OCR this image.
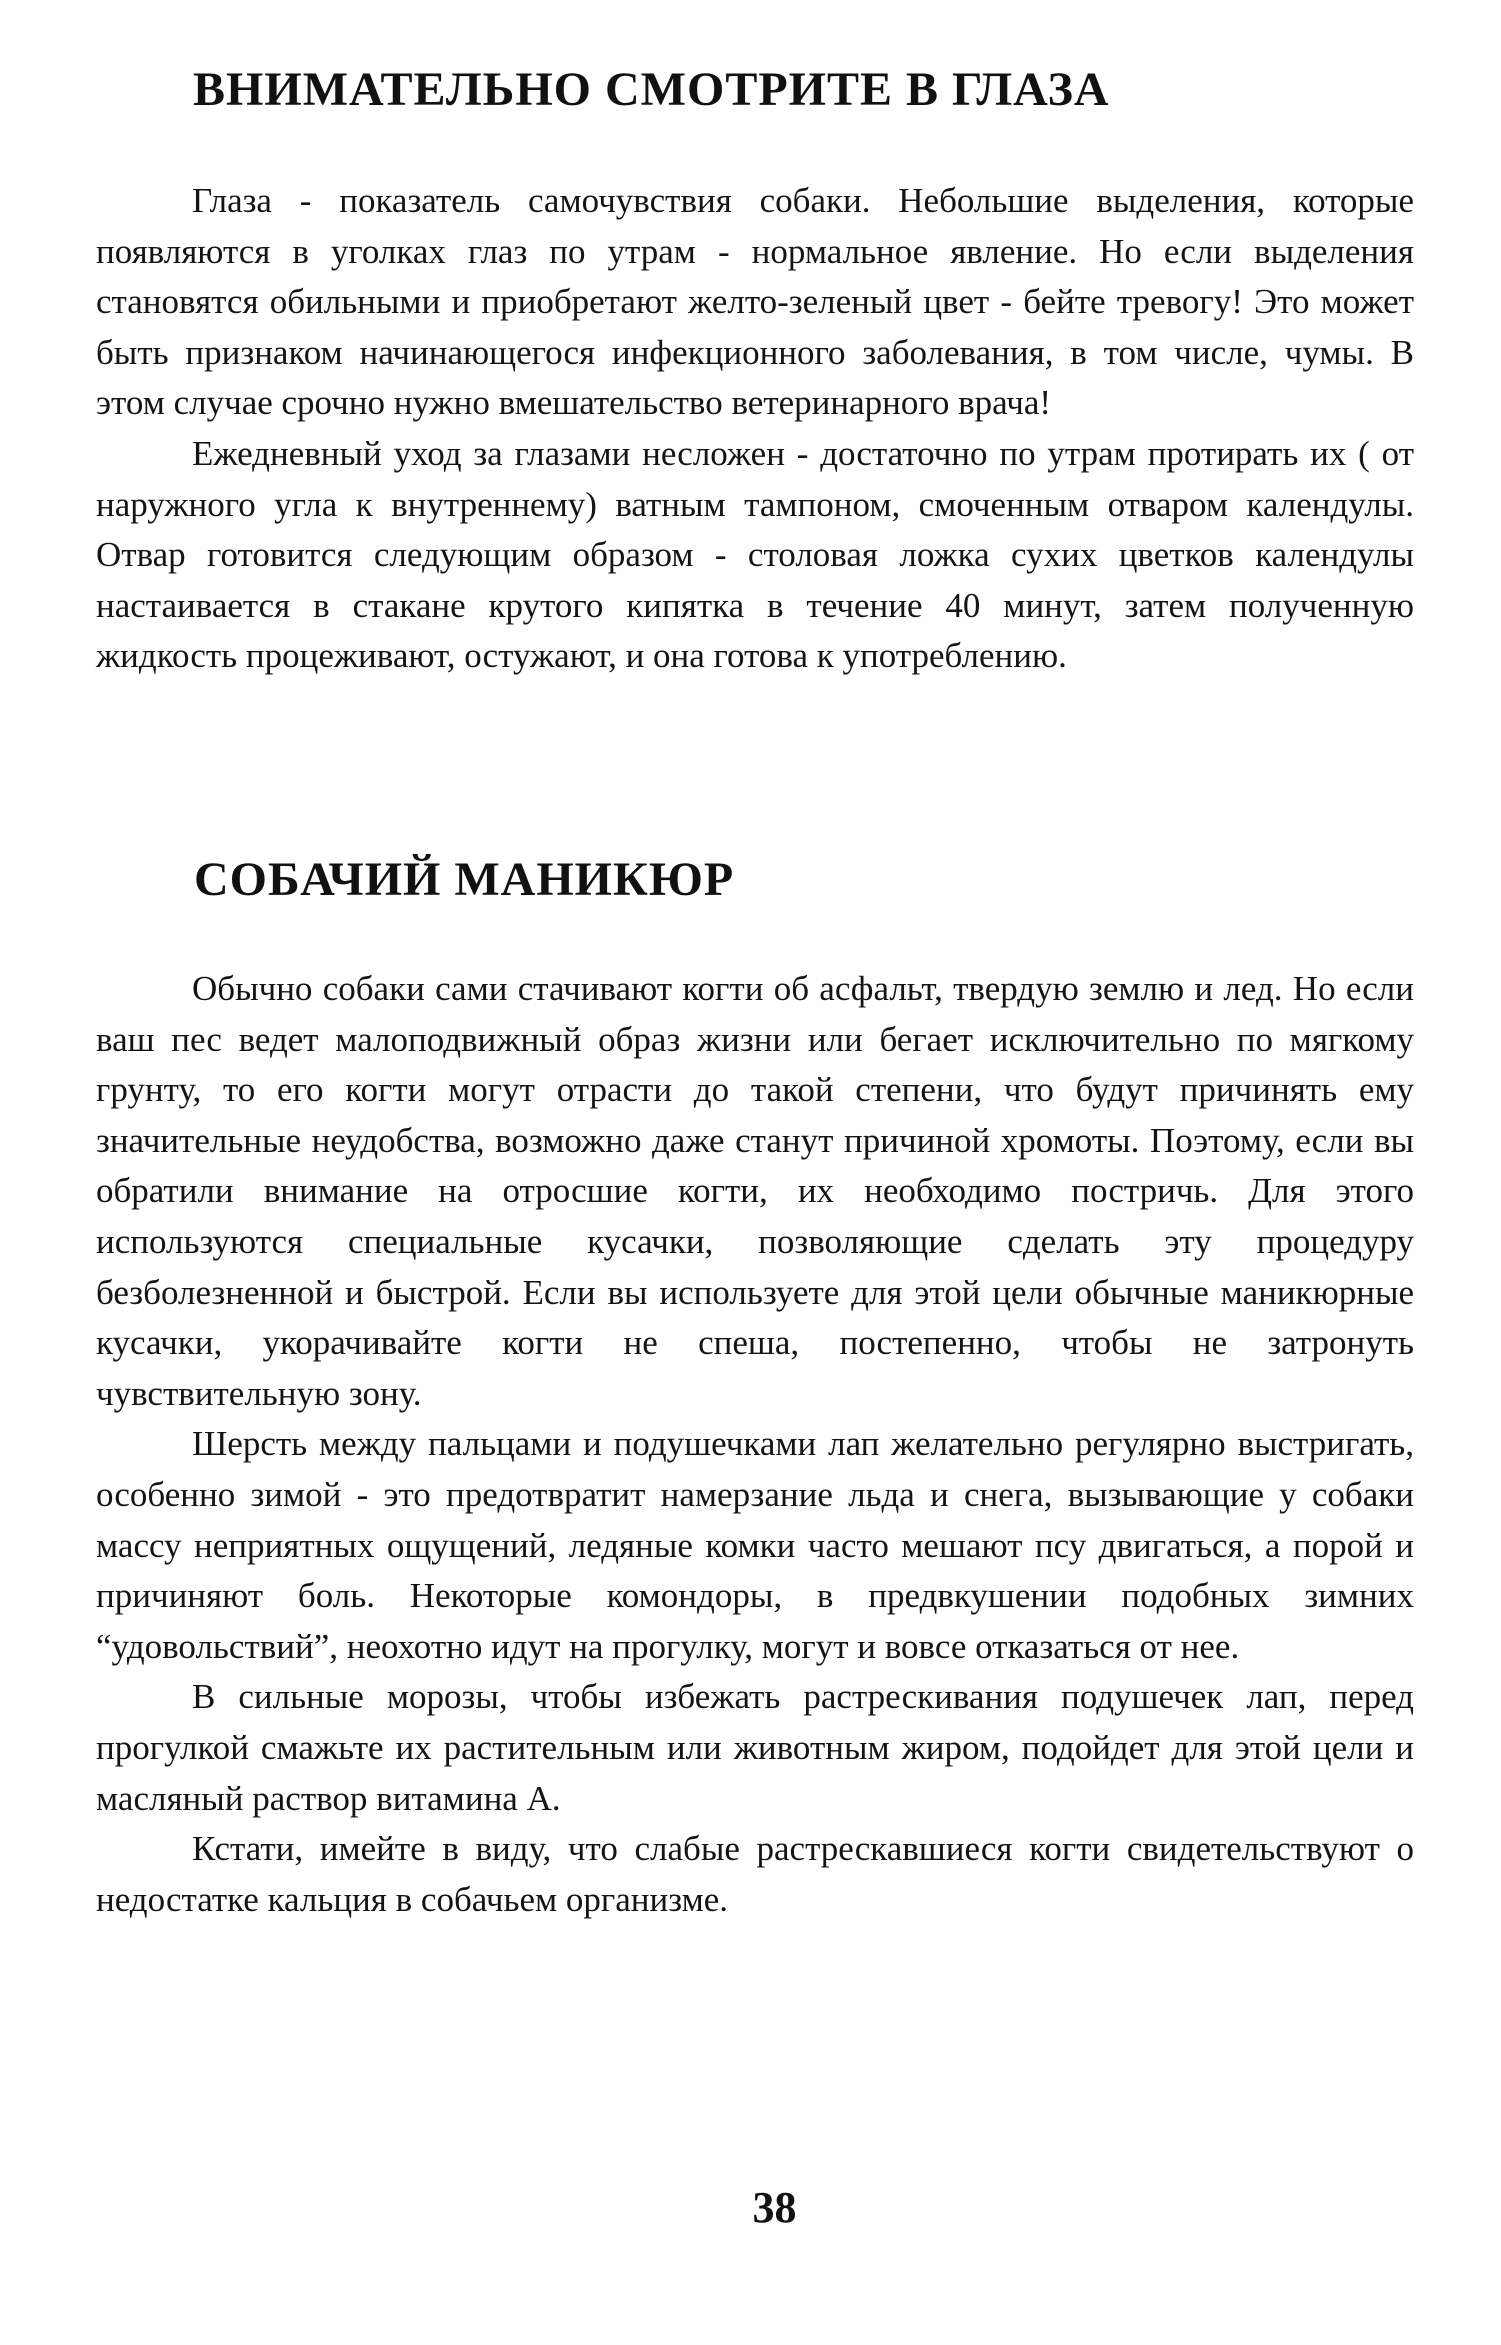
ВНИМАТЕЛЬНО СМОТРИТЕ В ГЛАЗА

Глаза - показатель самочувствия собаки. Небольшие выделения, которые появляются в уголках глаз по утрам - нормальное явление. Но если выделения становятся обильными и приобретают желто-зеленый цвет - бейте тревогу! Это может быть признаком начинающегося инфекционного заболевания, в том числе, чумы. В этом случае срочно нужно вмешательство ветеринарного врача!

Ежедневный уход за глазами несложен - достаточно по утрам протирать их ( от наружного угла к внутреннему) ватным тампоном, смоченным отваром календулы. Отвар готовится следующим образом - столовая ложка сухих цветков календулы настаивается в стакане крутого кипятка в течение 40 минут, затем полученную жидкость процеживают, остужают, и она готова к употреблению.

СОБАЧИЙ МАНИКЮР

Обычно собаки сами стачивают когти об асфальт, твердую землю и лед. Но если ваш пес ведет малоподвижный образ жизни или бегает исключительно по мягкому грунту, то его когти могут отрасти до такой степени, что будут причинять ему значительные неудобства, возможно даже станут причиной хромоты. Поэтому, если вы обратили внимание на отросшие когти, их необходимо постричь. Для этого используются специальные кусачки, позволяющие сделать эту процедуру безболезненной и быстрой. Если вы используете для этой цели обычные маникюрные кусачки, укорачивайте когти не спеша, постепенно, чтобы не затронуть чувствительную зону.

Шерсть между пальцами и подушечками лап желательно регулярно выстригать, особенно зимой - это предотвратит намерзание льда и снега, вызывающие у собаки массу неприятных ощущений, ледяные комки часто мешают псу двигаться, а порой и причиняют боль. Некоторые комондоры, в предвкушении подобных зимних “удовольствий”, неохотно идут на прогулку, могут и вовсе отказаться от нее.

В сильные морозы, чтобы избежать растрескивания подушечек лап, перед прогулкой смажьте их растительным или животным жиром, подойдет для этой цели и масляный раствор витамина А.

Кстати, имейте в виду, что слабые растрескавшиеся когти свидетельствуют о недостатке кальция в собачьем организме.

38
